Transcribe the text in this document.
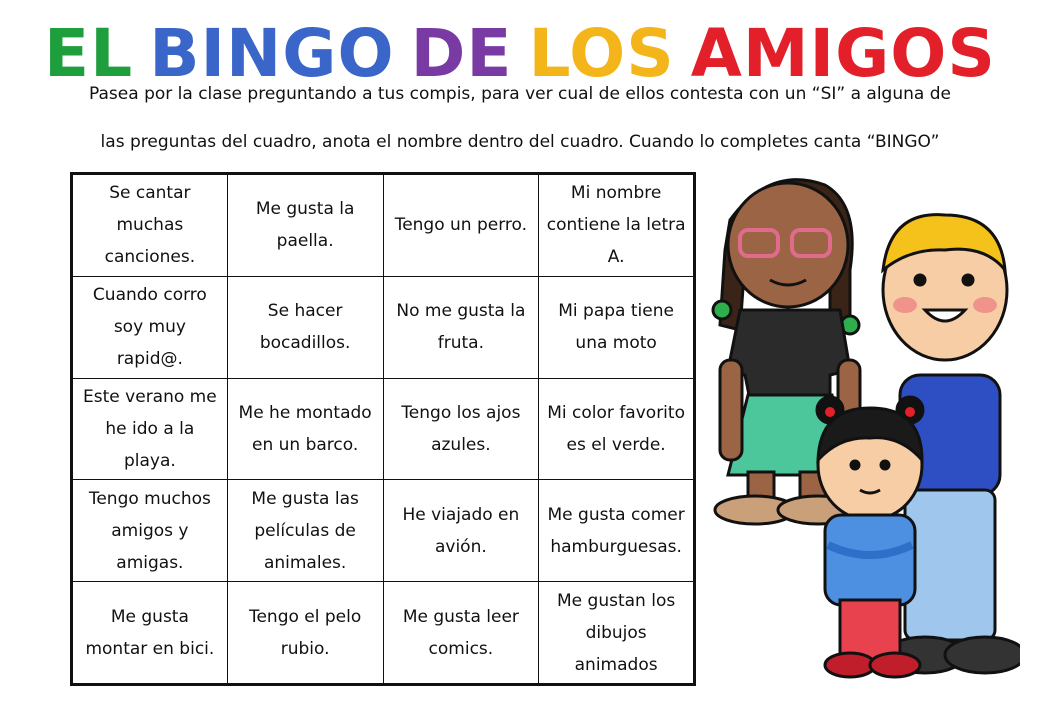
EL BINGO DE LOS AMIGOS
Pasea por la clase preguntando a tus compis, para ver cual de ellos contesta con un “SI” a alguna de
las preguntas del cuadro, anota el nombre dentro del cuadro. Cuando lo completes canta “BINGO”
Se cantar muchas canciones.	Me gusta la paella.	Tengo un perro.	Mi nombre contiene la letra A.
Cuando corro soy muy rapid@.	Se hacer bocadillos.	No me gusta la fruta.	Mi papa tiene una moto
Este verano me he ido a la playa.	Me he montado en un barco.	Tengo los ajos azules.	Mi color favorito es el verde.
Tengo muchos amigos y amigas.	Me gusta las películas de animales.	He viajado en avión.	Me gusta comer hamburguesas.
Me gusta montar en bici.	Tengo el pelo rubio.	Me gusta leer comics.	Me gustan los dibujos animados
